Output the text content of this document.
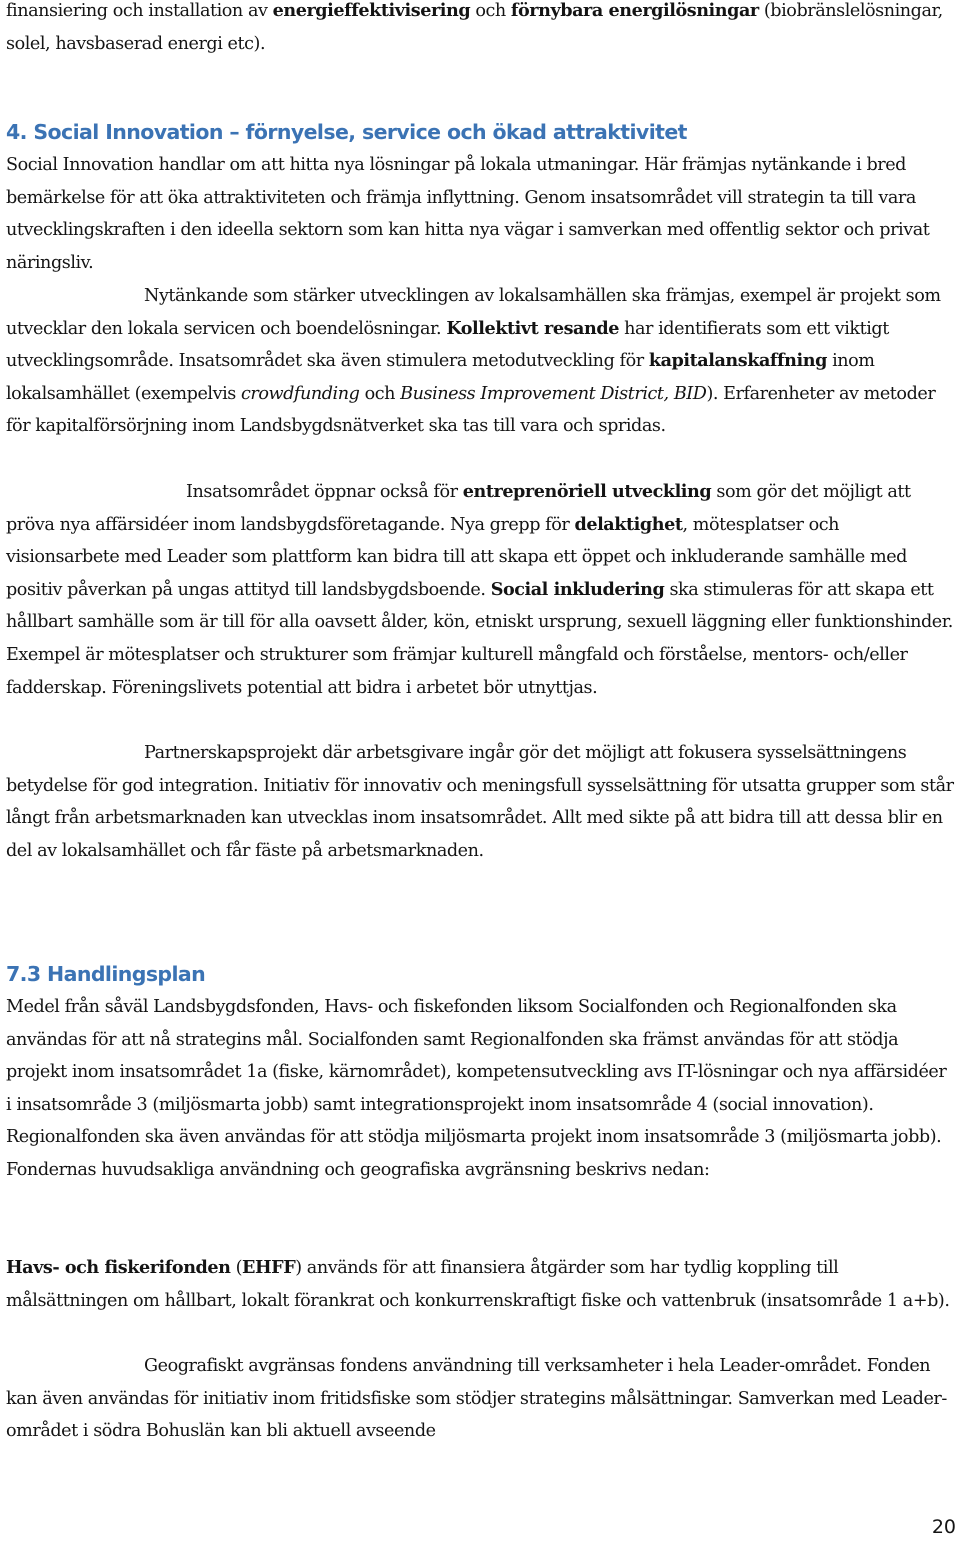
finansiering och installation av energieffektivisering och förnybara energilösningar (biobränslelösningar, solel, havsbaserad energi etc).

4. Social Innovation – förnyelse, service och ökad attraktivitet

Social Innovation handlar om att hitta nya lösningar på lokala utmaningar. Här främjas nytänkande i bred bemärkelse för att öka attraktiviteten och främja inflyttning. Genom insatsområdet vill strategin ta till vara utvecklingskraften i den ideella sektorn som kan hitta nya vägar i samverkan med offentlig sektor och privat näringsliv.

Nytänkande som stärker utvecklingen av lokalsamhällen ska främjas, exempel är projekt som utvecklar den lokala servicen och boendelösningar. Kollektivt resande har identifierats som ett viktigt utvecklingsområde. Insatsområdet ska även stimulera metodutveckling för kapitalanskaffning inom lokalsamhället (exempelvis crowdfunding och Business Improvement District, BID). Erfarenheter av metoder för kapitalförsörjning inom Landsbygdsnätverket ska tas till vara och spridas.

Insatsområdet öppnar också för entreprenöriell utveckling som gör det möjligt att pröva nya affärsidéer inom landsbygdsföretagande. Nya grepp för delaktighet, mötesplatser och visionsarbete med Leader som plattform kan bidra till att skapa ett öppet och inkluderande samhälle med positiv påverkan på ungas attityd till landsbygdsboende. Social inkludering ska stimuleras för att skapa ett hållbart samhälle som är till för alla oavsett ålder, kön, etniskt ursprung, sexuell läggning eller funktionshinder. Exempel är mötesplatser och strukturer som främjar kulturell mångfald och förståelse, mentors- och/eller fadderskap. Föreningslivets potential att bidra i arbetet bör utnyttjas.

Partnerskapsprojekt där arbetsgivare ingår gör det möjligt att fokusera sysselsättningens betydelse för god integration. Initiativ för innovativ och meningsfull sysselsättning för utsatta grupper som står långt från arbetsmarknaden kan utvecklas inom insatsområdet. Allt med sikte på att bidra till att dessa blir en del av lokalsamhället och får fäste på arbetsmarknaden.

7.3 Handlingsplan

Medel från såväl Landsbygdsfonden, Havs- och fiskefonden liksom Socialfonden och Regionalfonden ska användas för att nå strategins mål. Socialfonden samt Regionalfonden ska främst användas för att stödja projekt inom insatsområdet 1a (fiske, kärnområdet), kompetensutveckling avs IT-lösningar och nya affärsidéer i insatsområde 3 (miljösmarta jobb) samt integrationsprojekt inom insatsområde 4 (social innovation). Regionalfonden ska även användas för att stödja miljösmarta projekt inom insatsområde 3 (miljösmarta jobb). Fondernas huvudsakliga användning och geografiska avgränsning beskrivs nedan:

Havs- och fiskerifonden (EHFF) används för att finansiera åtgärder som har tydlig koppling till målsättningen om hållbart, lokalt förankrat och konkurrenskraftigt fiske och vattenbruk (insatsområde 1 a+b).

Geografiskt avgränsas fondens användning till verksamheter i hela Leader-området. Fonden kan även användas för initiativ inom fritidsfiske som stödjer strategins målsättningar. Samverkan med Leader-området i södra Bohuslän kan bli aktuell avseende

20
